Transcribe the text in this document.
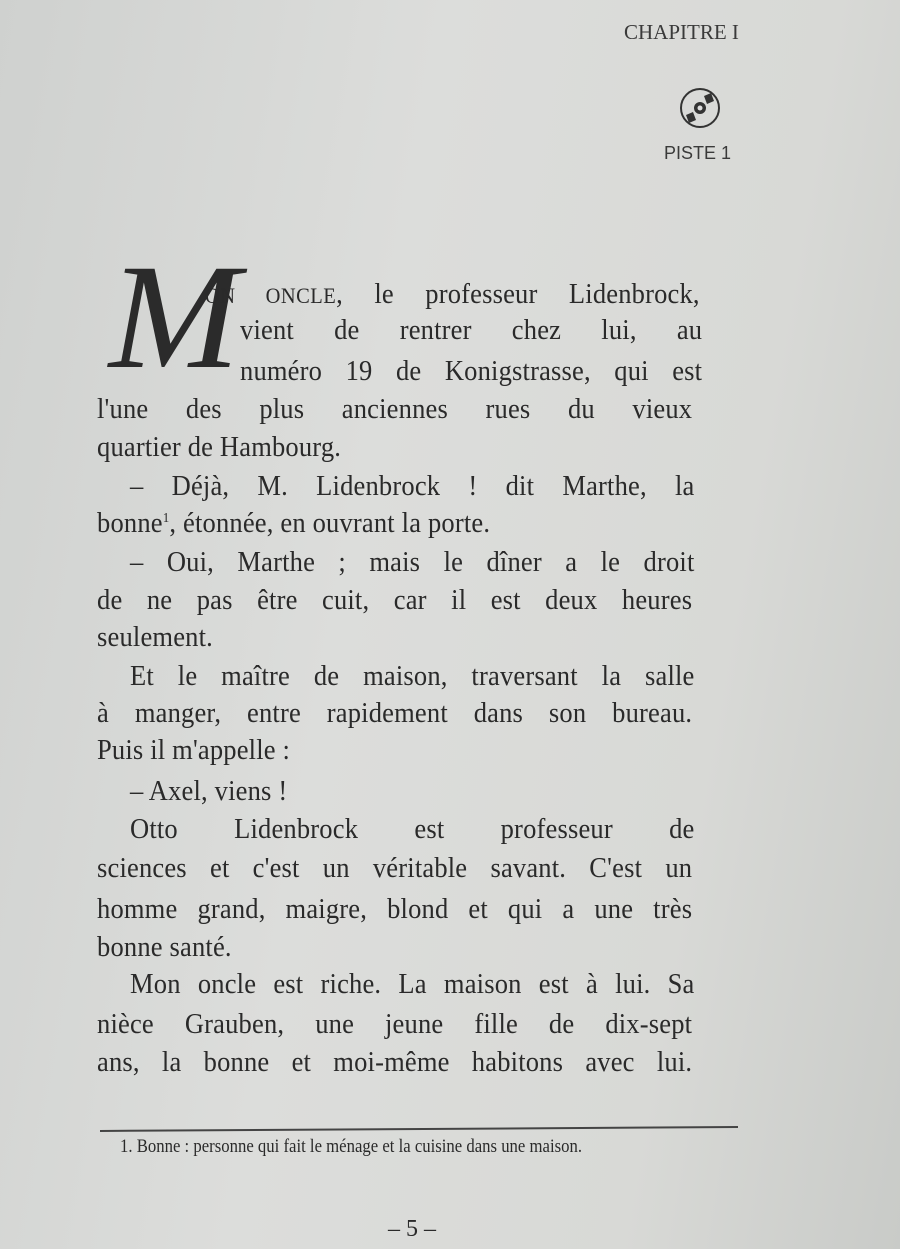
CHAPITRE I
PISTE 1
M
ON ONCLE, le professeur Lidenbrock,
vient de rentrer chez lui, au
numéro 19 de Konigstrasse, qui est
l'une des plus anciennes rues du vieux
quartier de Hambourg.
– Déjà, M. Lidenbrock ! dit Marthe, la
bonne$^1$, étonnée, en ouvrant la porte.
– Oui, Marthe ; mais le dîner a le droit
de ne pas être cuit, car il est deux heures
seulement.
Et le maître de maison, traversant la salle
à manger, entre rapidement dans son bureau.
Puis il m'appelle :
– Axel, viens !
Otto Lidenbrock est professeur de
sciences et c'est un véritable savant. C'est un
homme grand, maigre, blond et qui a une très
bonne santé.
Mon oncle est riche. La maison est à lui. Sa
nièce Grauben, une jeune fille de dix-sept
ans, la bonne et moi-même habitons avec lui.
1. Bonne : personne qui fait le ménage et la cuisine dans une maison.
– 5 –
